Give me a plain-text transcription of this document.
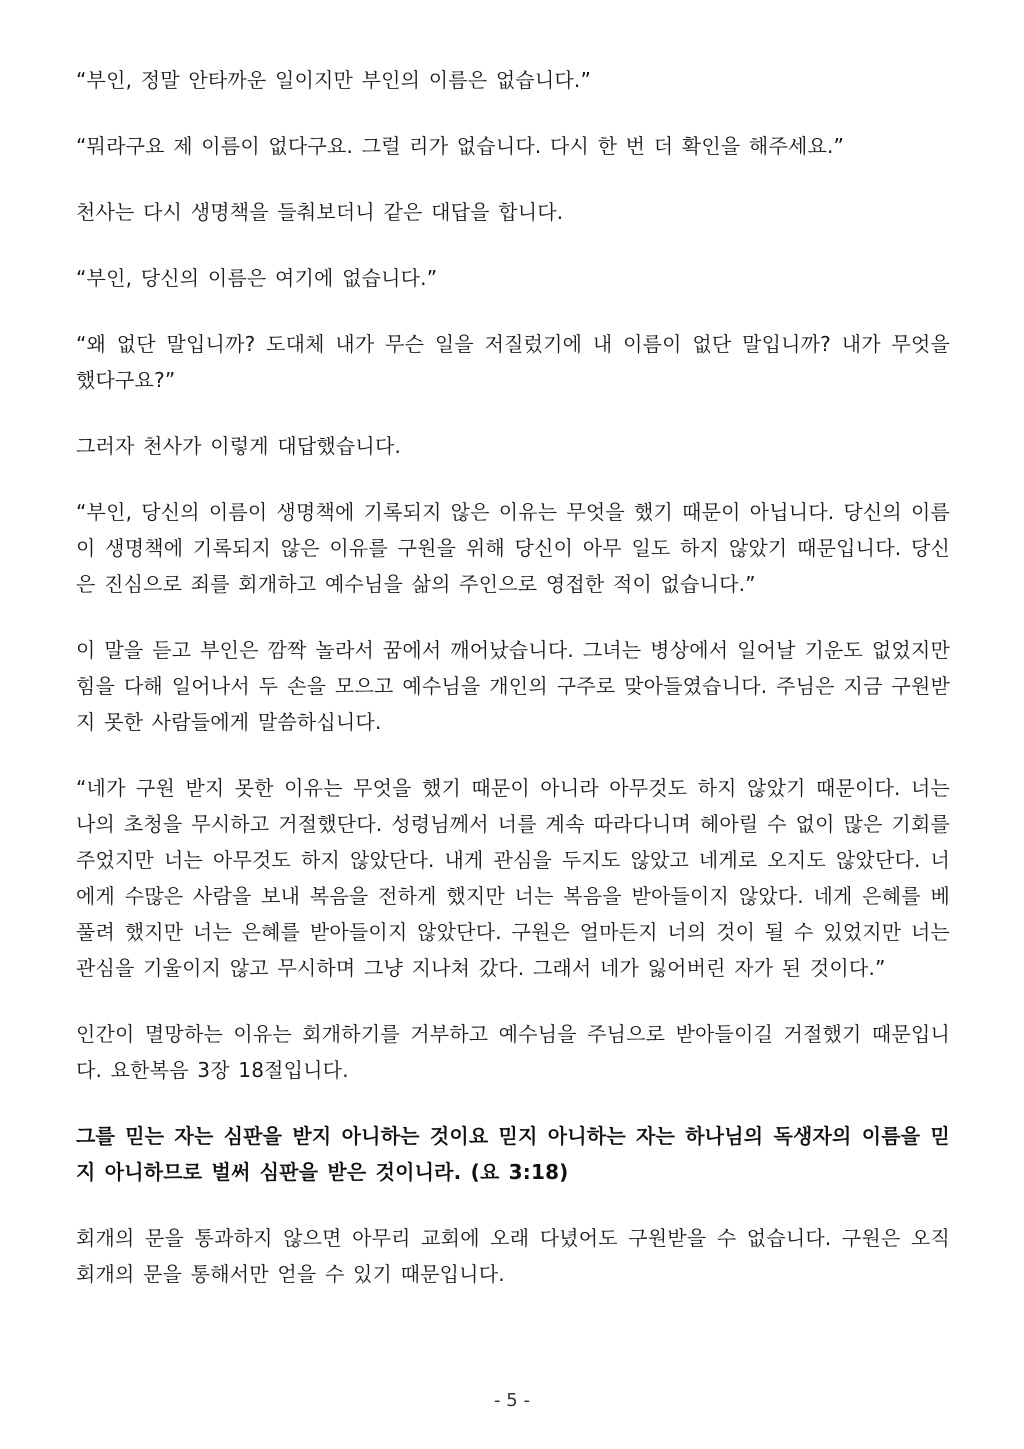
“부인, 정말 안타까운 일이지만 부인의 이름은 없습니다.”

“뭐라구요 제 이름이 없다구요. 그럴 리가 없습니다. 다시 한 번 더 확인을 해주세요.”

천사는 다시 생명책을 들춰보더니 같은 대답을 합니다.

“부인, 당신의 이름은 여기에 없습니다.”

“왜 없단 말입니까? 도대체 내가 무슨 일을 저질렀기에 내 이름이 없단 말입니까? 내가 무엇을 했다구요?”

그러자 천사가 이렇게 대답했습니다.

“부인, 당신의 이름이 생명책에 기록되지 않은 이유는 무엇을 했기 때문이 아닙니다. 당신의 이름이 생명책에 기록되지 않은 이유를 구원을 위해 당신이 아무 일도 하지 않았기 때문입니다. 당신은 진심으로 죄를 회개하고 예수님을 삶의 주인으로 영접한 적이 없습니다.”

이 말을 듣고 부인은 깜짝 놀라서 꿈에서 깨어났습니다. 그녀는 병상에서 일어날 기운도 없었지만 힘을 다해 일어나서 두 손을 모으고 예수님을 개인의 구주로 맞아들였습니다. 주님은 지금 구원받지 못한 사람들에게 말씀하십니다.

“네가 구원 받지 못한 이유는 무엇을 했기 때문이 아니라 아무것도 하지 않았기 때문이다. 너는 나의 초청을 무시하고 거절했단다. 성령님께서 너를 계속 따라다니며 헤아릴 수 없이 많은 기회를 주었지만 너는 아무것도 하지 않았단다. 내게 관심을 두지도 않았고 네게로 오지도 않았단다. 너에게 수많은 사람을 보내 복음을 전하게 했지만 너는 복음을 받아들이지 않았다. 네게 은혜를 베풀려 했지만 너는 은혜를 받아들이지 않았단다. 구원은 얼마든지 너의 것이 될 수 있었지만 너는 관심을 기울이지 않고 무시하며 그냥 지나쳐 갔다. 그래서 네가 잃어버린 자가 된 것이다.”

인간이 멸망하는 이유는 회개하기를 거부하고 예수님을 주님으로 받아들이길 거절했기 때문입니다. 요한복음 3장 18절입니다.

그를 믿는 자는 심판을 받지 아니하는 것이요 믿지 아니하는 자는 하나님의 독생자의 이름을 믿지 아니하므로 벌써 심판을 받은 것이니라. (요 3:18)

회개의 문을 통과하지 않으면 아무리 교회에 오래 다녔어도 구원받을 수 없습니다. 구원은 오직 회개의 문을 통해서만 얻을 수 있기 때문입니다.

- 5 -
